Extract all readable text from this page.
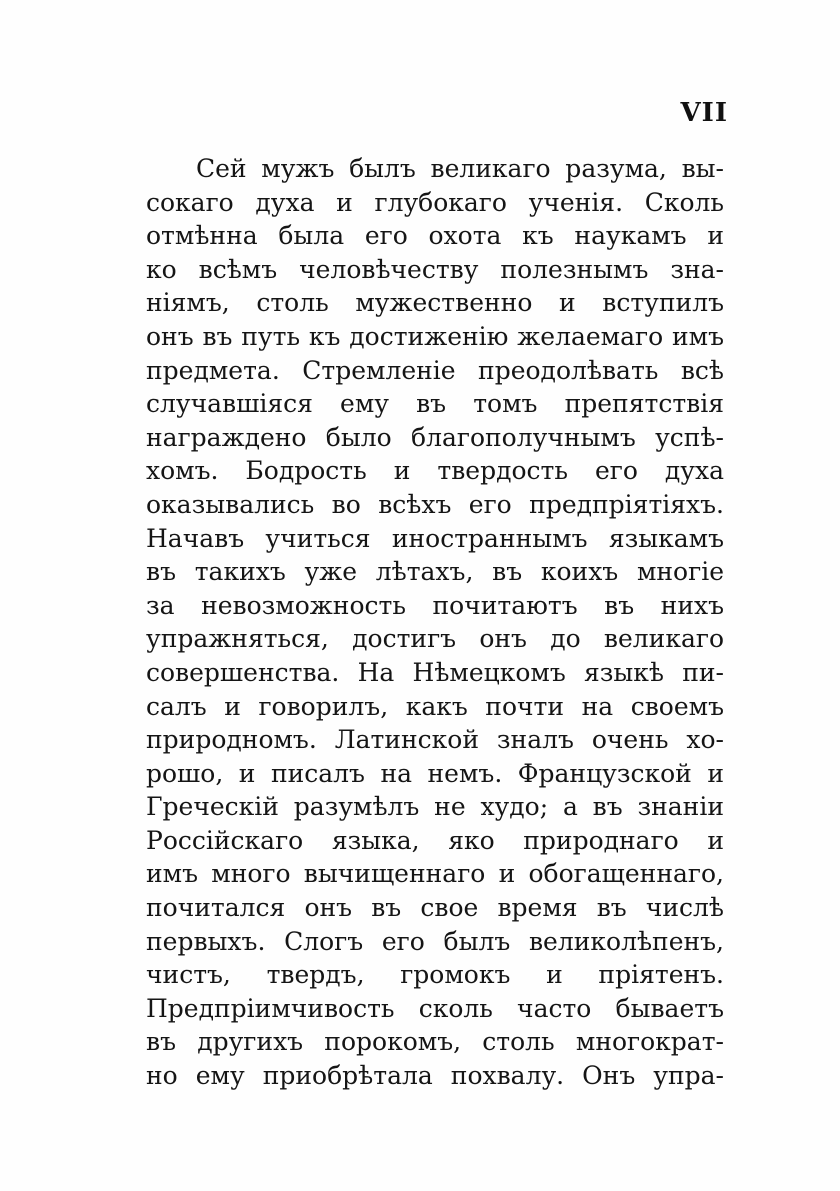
VII
Сей мужъ былъ великаго разума, вы-
сокаго духа и глубокаго ученія. Сколь
отмѣнна была его охота къ наукамъ и
ко всѣмъ человѣчеству полезнымъ зна-
ніямъ, столь мужественно и вступилъ
онъ въ путь къ достиженію желаемаго имъ
предмета. Стремленіе преодолѣвать всѣ
случавшіяся ему въ томъ препятствія
награждено было благополучнымъ успѣ-
хомъ. Бодрость и твердость его духа
оказывались во всѣхъ его предпріятіяхъ.
Начавъ учиться иностраннымъ языкамъ
въ такихъ уже лѣтахъ, въ коихъ многіе
за невозможность почитаютъ въ нихъ
упражняться, достигъ онъ до великаго
совершенства. На Нѣмецкомъ языкѣ пи-
салъ и говорилъ, какъ почти на своемъ
природномъ. Латинской зналъ очень хо-
рошо, и писалъ на немъ. Французской и
Греческій разумѣлъ не худо; а въ знаніи
Россійскаго языка, яко природнаго и
имъ много вычищеннаго и обогащеннаго,
почитался онъ въ свое время въ числѣ
первыхъ. Слогъ его былъ великолѣпенъ,
чистъ, твердъ, громокъ и пріятенъ.
Предпріимчивость сколь часто бываетъ
въ другихъ порокомъ, столь многократ-
но ему приобрѣтала похвалу. Онъ упра-
